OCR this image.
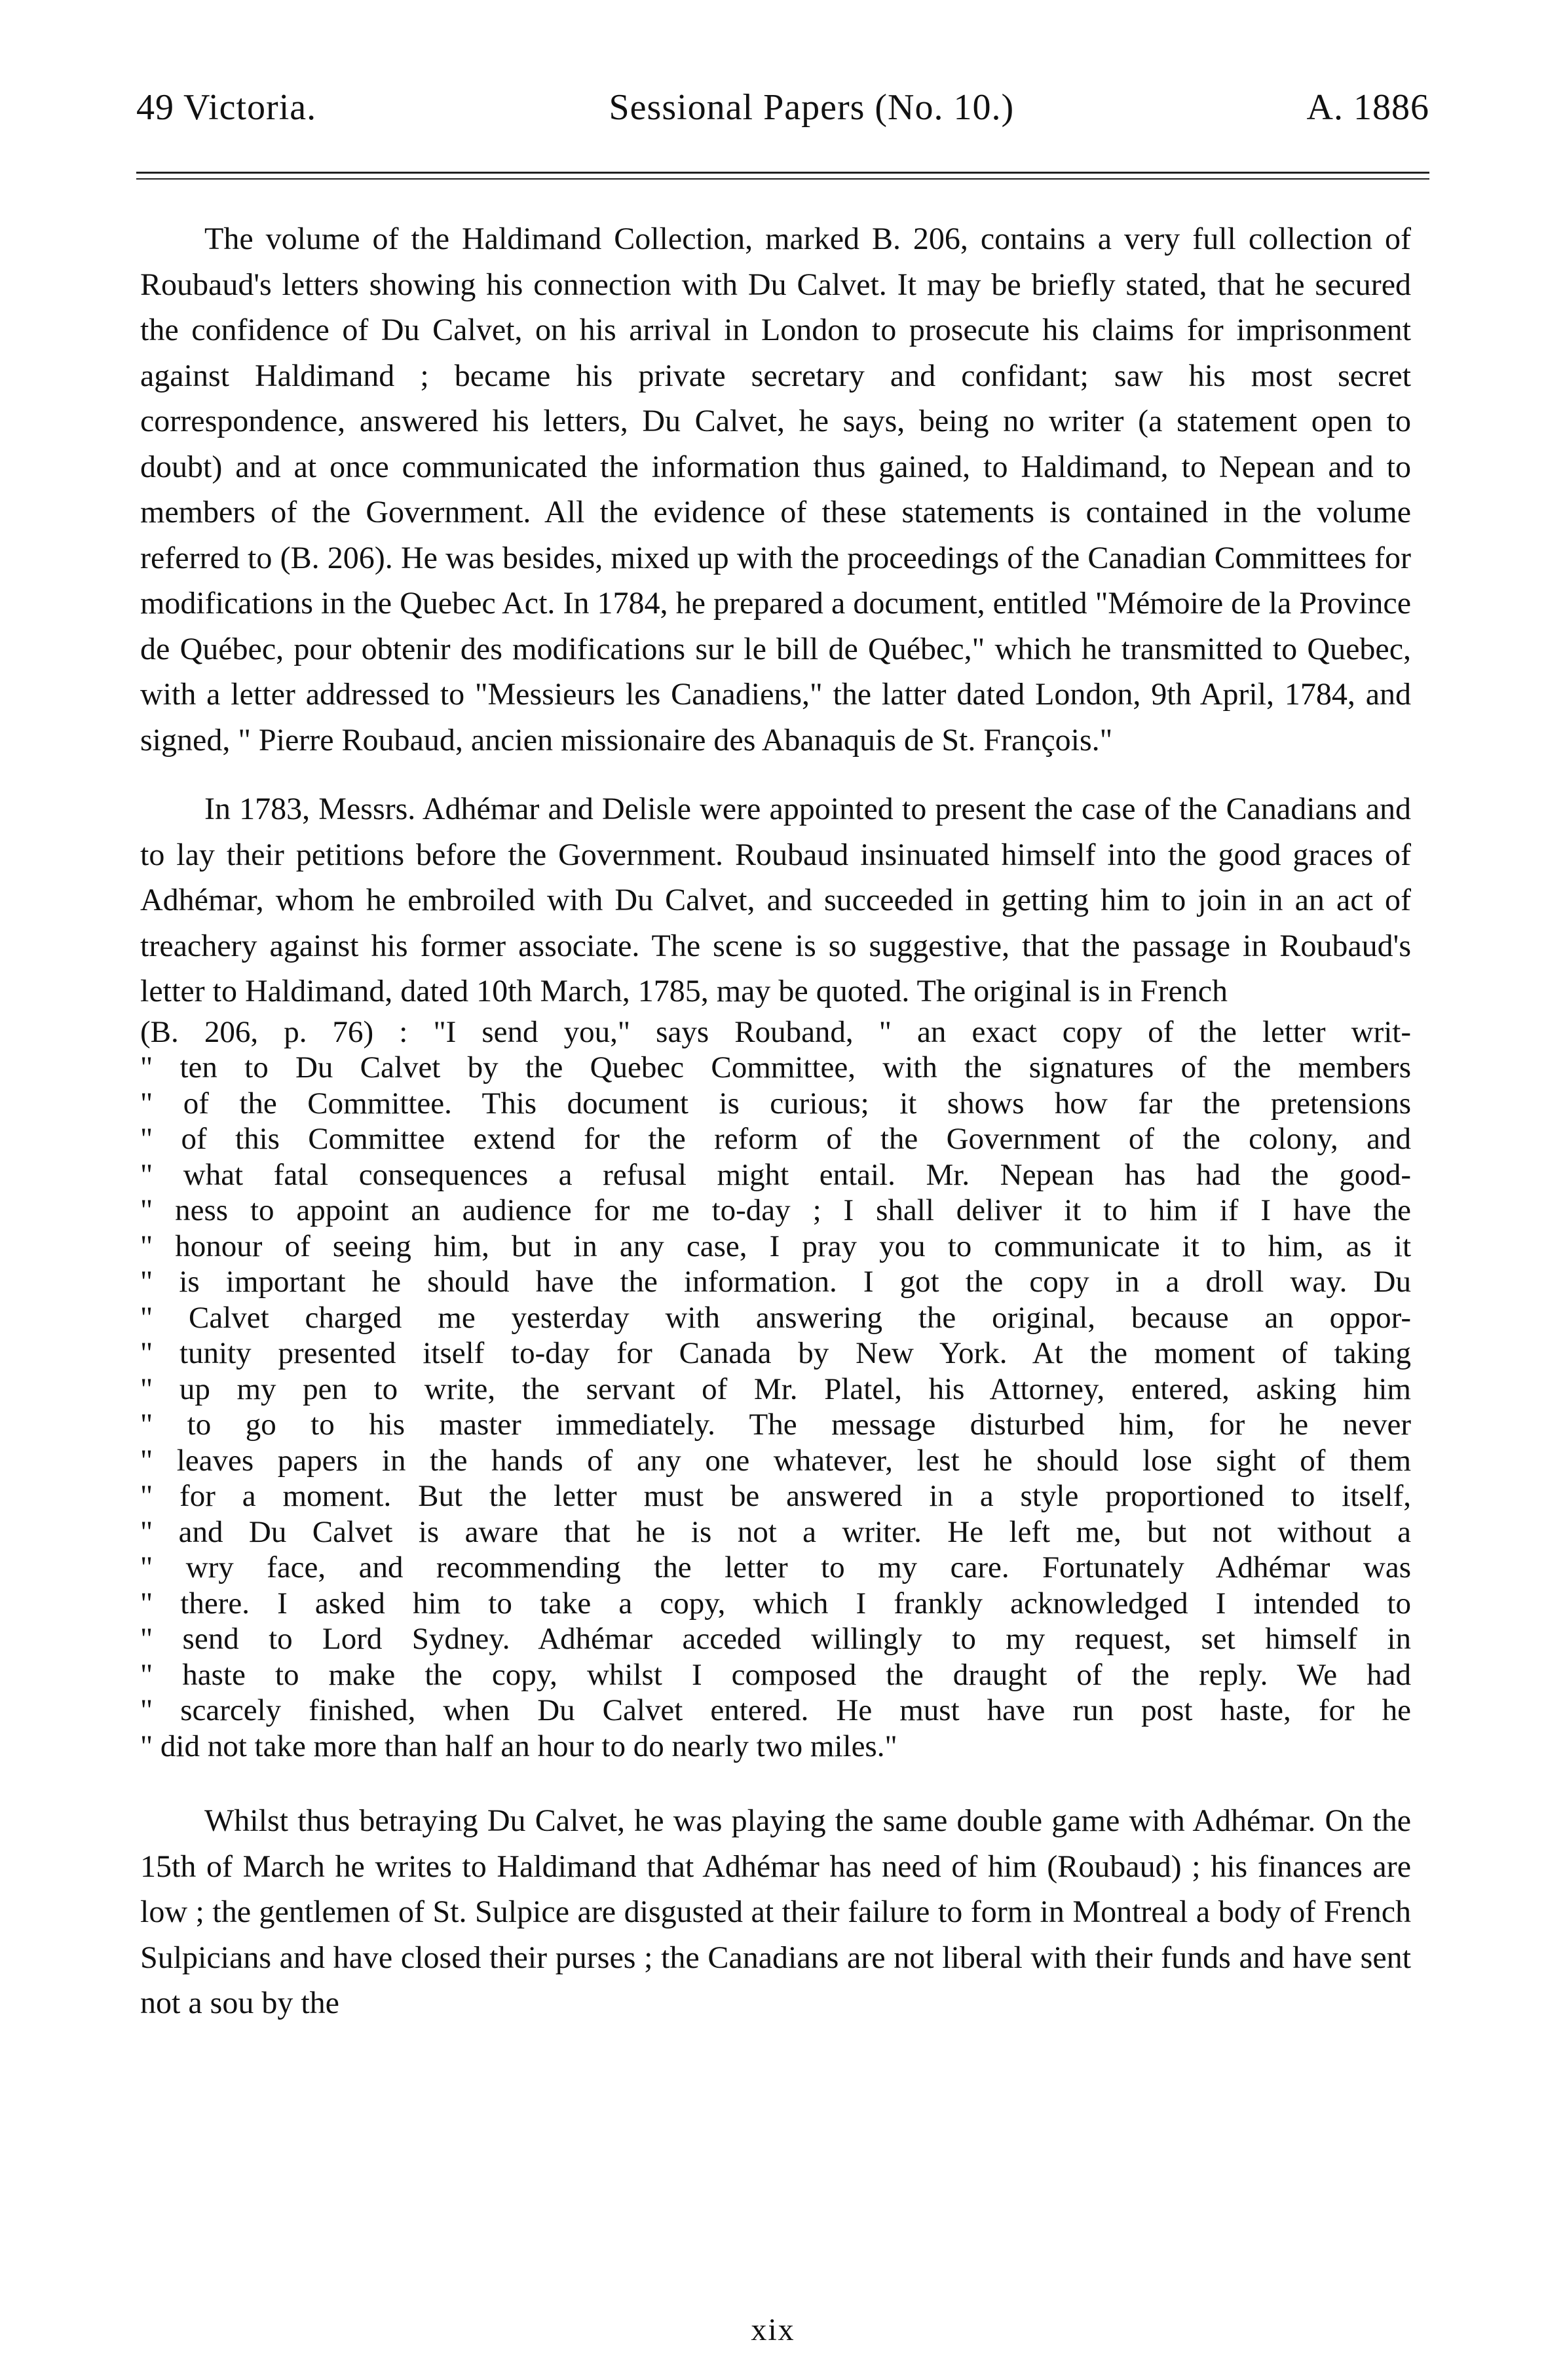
49 Victoria.	Sessional Papers (No. 10.)	A. 1886

The volume of the Haldimand Collection, marked B. 206, contains a very full collection of Roubaud's letters showing his connection with Du Calvet. It may be briefly stated, that he secured the confidence of Du Calvet, on his arrival in London to prosecute his claims for imprisonment against Haldimand ; became his private secretary and confidant; saw his most secret correspondence, answered his letters, Du Calvet, he says, being no writer (a statement open to doubt) and at once communicated the information thus gained, to Haldimand, to Nepean and to members of the Government. All the evidence of these statements is contained in the volume referred to (B. 206). He was besides, mixed up with the proceedings of the Canadian Committees for modifications in the Quebec Act. In 1784, he prepared a document, entitled "Mémoire de la Province de Québec, pour obtenir des modifications sur le bill de Québec," which he transmitted to Quebec, with a letter addressed to "Messieurs les Canadiens," the latter dated London, 9th April, 1784, and signed, " Pierre Roubaud, ancien missionaire des Abanaquis de St. François."

In 1783, Messrs. Adhémar and Delisle were appointed to present the case of the Canadians and to lay their petitions before the Government. Roubaud insinuated himself into the good graces of Adhémar, whom he embroiled with Du Calvet, and succeeded in getting him to join in an act of treachery against his former associate. The scene is so suggestive, that the passage in Roubaud's letter to Haldimand, dated 10th March, 1785, may be quoted. The original is in French

(B. 206, p. 76) : "I send you," says Rouband, " an exact copy of the letter writ-
" ten to Du Calvet by the Quebec Committee, with the signatures of the members
" of the Committee. This document is curious; it shows how far the pretensions
" of this Committee extend for the reform of the Government of the colony, and
" what fatal consequences a refusal might entail. Mr. Nepean has had the good-
" ness to appoint an audience for me to-day ; I shall deliver it to him if I have the
" honour of seeing him, but in any case, I pray you to communicate it to him, as it
" is important he should have the information. I got the copy in a droll way. Du
" Calvet charged me yesterday with answering the original, because an oppor-
" tunity presented itself to-day for Canada by New York. At the moment of taking
" up my pen to write, the servant of Mr. Platel, his Attorney, entered, asking him
" to go to his master immediately. The message disturbed him, for he never
" leaves papers in the hands of any one whatever, lest he should lose sight of them
" for a moment. But the letter must be answered in a style proportioned to itself,
" and Du Calvet is aware that he is not a writer. He left me, but not without a
" wry face, and recommending the letter to my care. Fortunately Adhémar was
" there. I asked him to take a copy, which I frankly acknowledged I intended to
" send to Lord Sydney. Adhémar acceded willingly to my request, set himself in
" haste to make the copy, whilst I composed the draught of the reply. We had
" scarcely finished, when Du Calvet entered. He must have run post haste, for he
" did not take more than half an hour to do nearly two miles."

Whilst thus betraying Du Calvet, he was playing the same double game with Adhémar. On the 15th of March he writes to Haldimand that Adhémar has need of him (Roubaud) ; his finances are low ; the gentlemen of St. Sulpice are disgusted at their failure to form in Montreal a body of French Sulpicians and have closed their purses ; the Canadians are not liberal with their funds and have sent not a sou by the

xix
